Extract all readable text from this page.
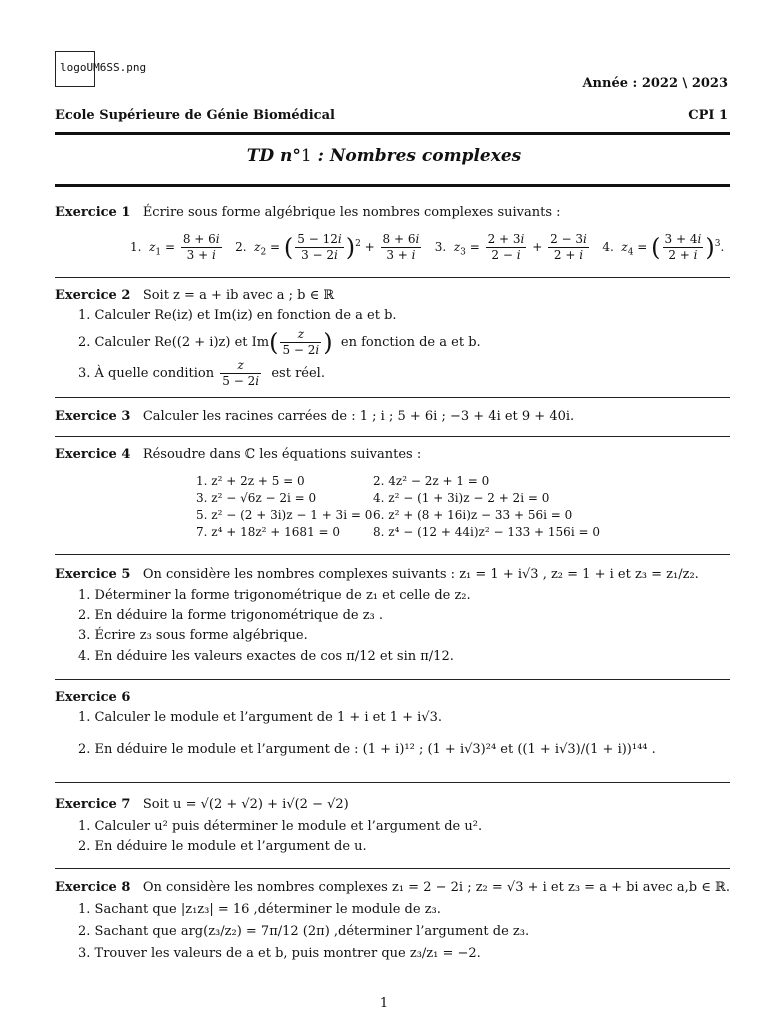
logoUM6SS.png
Année : 2022 \ 2023
Ecole Supérieure de Génie Biomédical	CPI 1
TD n°1 : Nombres complexes
Exercice 1 Écrire sous forme algébrique les nombres complexes suivants :
1.  $z_1 = \frac{8 + 6i}{3 + i} 2$.  $z_2$ = ( $\frac{5 - 12i}{3 - 2i} )^2 + \frac{8 + 6i}{3 + i} 3$.  $z_3 = \frac{2 + 3i}{2 - i} + \frac{2 - 3i}{2 + i} 4$.  $z_4$ = ( $\frac{3 + 4i}{2 + i} )^3$.
Exercice 2 Soit z = a + ib avec a ; b ∈ ℝ
1. Calculer Re(iz) et Im(iz) en fonction de a et b.
2. Calculer Re((2 + i)z) et $Im( \frac{z}{5 - 2i}$ ) en fonction de a et b.
3. À quelle condition $\frac{z}{5 - 2i}$ est réel.
Exercice 3 Calculer les racines carrées de : 1 ; i ; 5 + 6i ; −3 + 4i et 9 + 40i.
Exercice 4 Résoudre dans ℂ les équations suivantes :
1. z² + 2z + 5 = 0	2. 4z² − 2z + 1 = 0
3. z² − √6z − 2i = 0	4. z² − (1 + 3i)z − 2 + 2i = 0
5. z² − (2 + 3i)z − 1 + 3i = 0 6. z² + (8 + 16i)z − 33 + 56i = 0
7. z⁴ + 18z² + 1681 = 0	8. z⁴ − (12 + 44i)z² − 133 + 156i = 0
Exercice 5 On considère les nombres complexes suivants : z₁ = 1 + i√3 , z₂ = 1 + i et z₃ = z₁/z₂.
1. Déterminer la forme trigonométrique de z₁ et celle de z₂.
2. En déduire la forme trigonométrique de z₃ .
3. Écrire z₃ sous forme algébrique.
4. En déduire les valeurs exactes de cos π/12 et sin π/12.
Exercice 6
1. Calculer le module et l’argument de 1 + i et 1 + i√3.
2. En déduire le module et l’argument de : (1 + i)¹² ; (1 + i√3)²⁴ et ((1 + i√3)/(1 + i))¹⁴⁴ .
Exercice 7 Soit u = √(2 + √2) + i√(2 − √2)
1. Calculer u² puis déterminer le module et l’argument de u².
2. En déduire le module et l’argument de u.
Exercice 8 On considère les nombres complexes z₁ = 2 − 2i ; z₂ = √3 + i et z₃ = a + bi avec a,b ∈ ℝ.
1. Sachant que |z₁z₃| = 16 ,déterminer le module de z₃.
2. Sachant que arg(z₃/z₂) = 7π/12 (2π) ,déterminer l’argument de z₃.
3. Trouver les valeurs de a et b, puis montrer que z₃/z₁ = −2.
1
